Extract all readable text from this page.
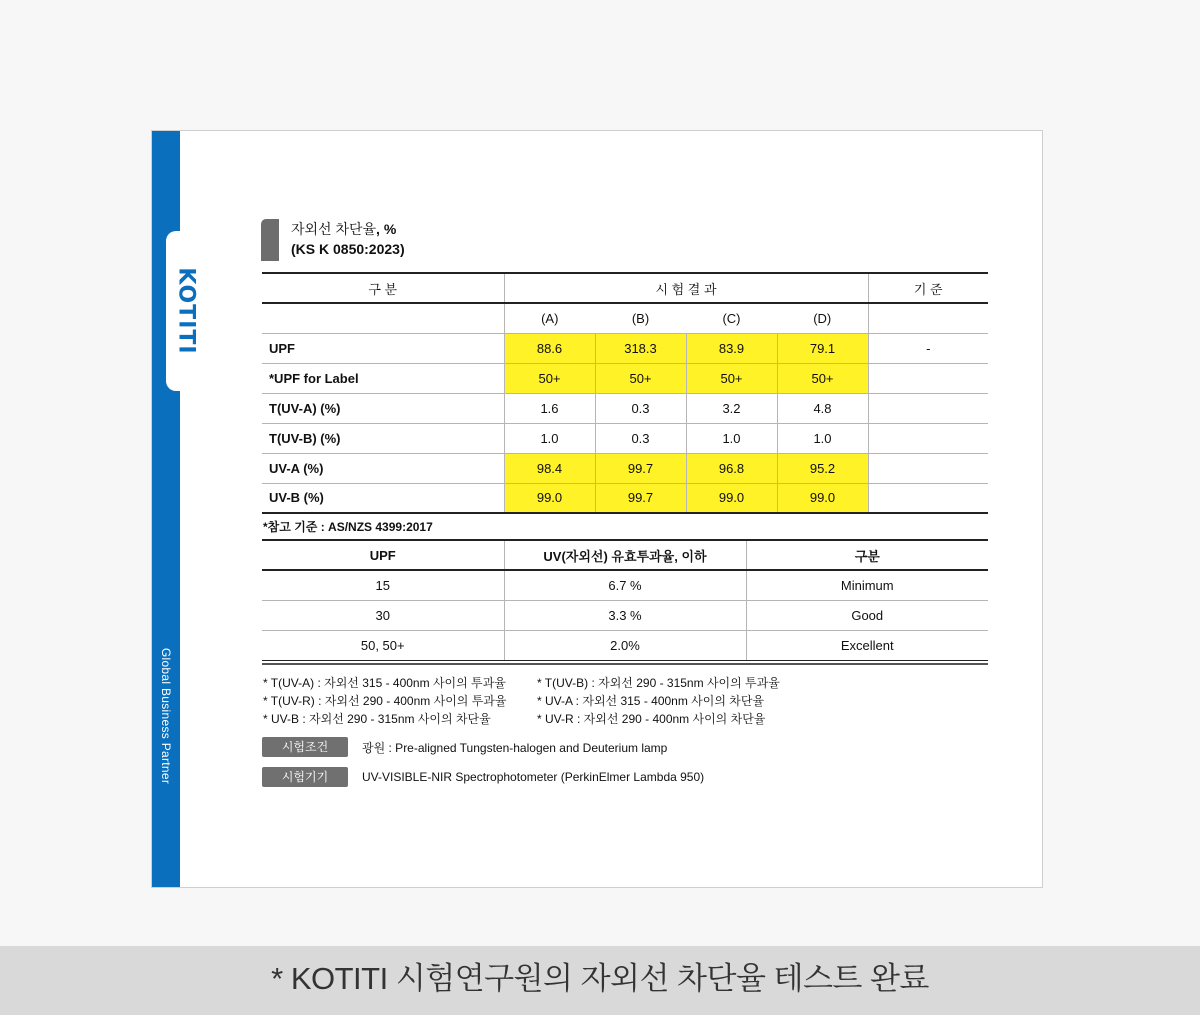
KOTITI
Global Business Partner
자외선 차단율, %
(KS K 0850:2023)
구 분	시 험 결 과				기 준
	(A)	(B)	(C)	(D)	
UPF	88.6	318.3	83.9	79.1	-
*UPF for Label	50+	50+	50+	50+	
T(UV-A) (%)	1.6	0.3	3.2	4.8	
T(UV-B) (%)	1.0	0.3	1.0	1.0	
UV-A (%)	98.4	99.7	96.8	95.2	
UV-B (%)	99.0	99.7	99.0	99.0	
*참고 기준 : AS/NZS 4399:2017
UPF	UV(자외선) 유효투과율, 이하	구분
15	6.7 %	Minimum
30	3.3 %	Good
50, 50+	2.0%	Excellent
* T(UV-A) : 자외선 315 - 400nm 사이의 투과율	* T(UV-B) : 자외선 290 - 315nm 사이의 투과율
* T(UV-R) : 자외선 290 - 400nm 사이의 투과율	* UV-A : 자외선 315 - 400nm 사이의 차단율
* UV-B : 자외선 290 - 315nm 사이의 차단율	* UV-R : 자외선 290 - 400nm 사이의 차단율
시험조건	광원 : Pre-aligned Tungsten-halogen and Deuterium lamp
시험기기	UV-VISIBLE-NIR Spectrophotometer (PerkinElmer Lambda 950)
* KOTITI 시험연구원의 자외선 차단율 테스트 완료
